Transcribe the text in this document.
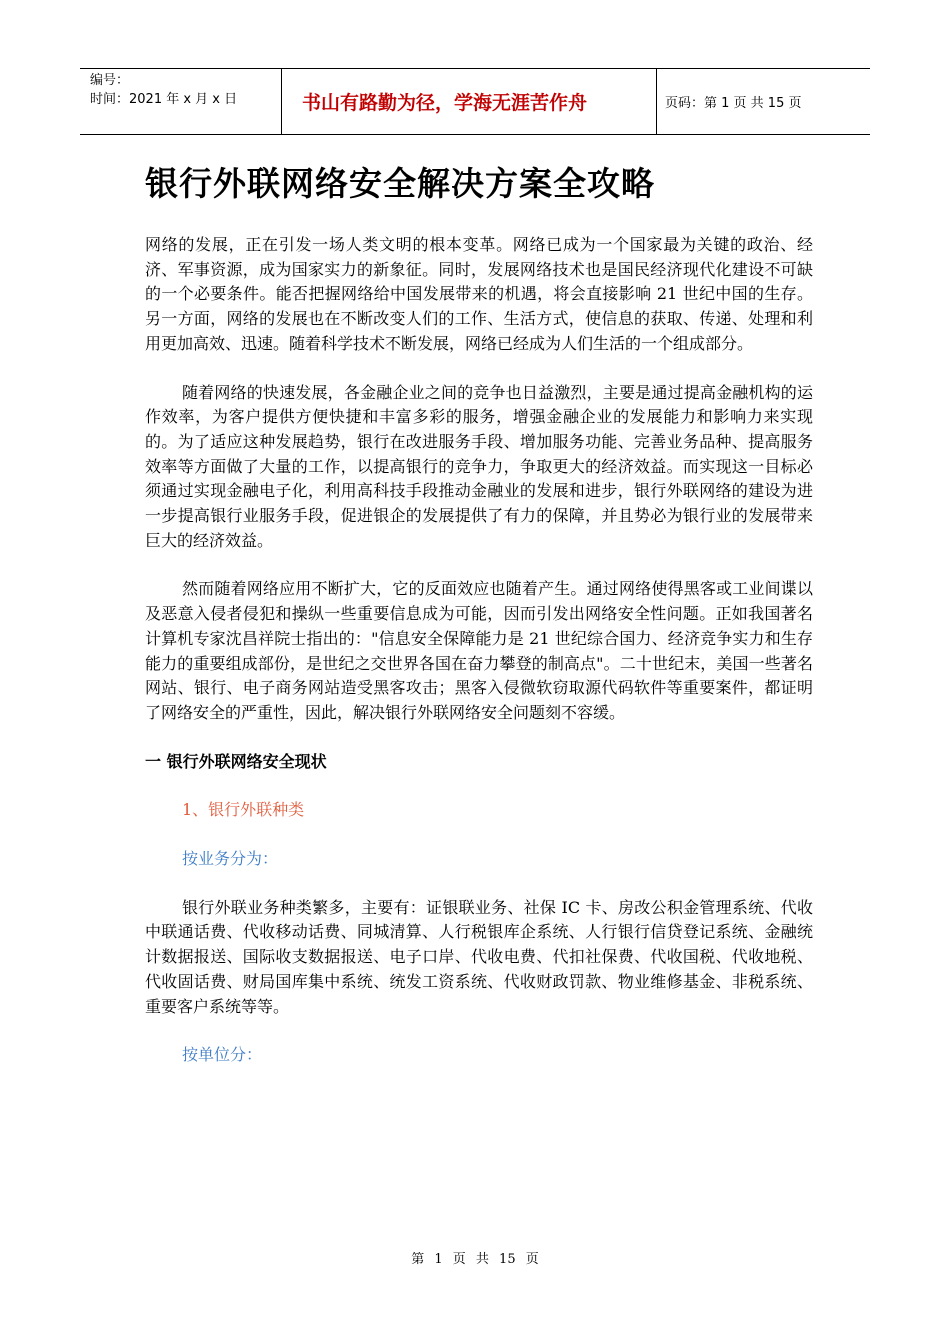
编号：
时间：2021 年 x 月 x 日	书山有路勤为径，学海无涯苦作舟	页码：第 1 页 共 15 页
银行外联网络安全解决方案全攻略

网络的发展，正在引发一场人类文明的根本变革。网络已成为一个国家最为关键的政治、经济、军事资源，成为国家实力的新象征。同时，发展网络技术也是国民经济现代化建设不可缺的一个必要条件。能否把握网络给中国发展带来的机遇，将会直接影响 21 世纪中国的生存。另一方面，网络的发展也在不断改变人们的工作、生活方式，使信息的获取、传递、处理和利用更加高效、迅速。随着科学技术不断发展，网络已经成为人们生活的一个组成部分。

随着网络的快速发展，各金融企业之间的竞争也日益激烈，主要是通过提高金融机构的运作效率，为客户提供方便快捷和丰富多彩的服务，增强金融企业的发展能力和影响力来实现的。为了适应这种发展趋势，银行在改进服务手段、增加服务功能、完善业务品种、提高服务效率等方面做了大量的工作，以提高银行的竞争力，争取更大的经济效益。而实现这一目标必须通过实现金融电子化，利用高科技手段推动金融业的发展和进步，银行外联网络的建设为进一步提高银行业服务手段，促进银企的发展提供了有力的保障，并且势必为银行业的发展带来巨大的经济效益。

然而随着网络应用不断扩大，它的反面效应也随着产生。通过网络使得黑客或工业间谍以及恶意入侵者侵犯和操纵一些重要信息成为可能，因而引发出网络安全性问题。正如我国著名计算机专家沈昌祥院士指出的："信息安全保障能力是 21 世纪综合国力、经济竞争实力和生存能力的重要组成部份，是世纪之交世界各国在奋力攀登的制高点"。二十世纪末，美国一些著名网站、银行、电子商务网站造受黑客攻击；黑客入侵微软窃取源代码软件等重要案件，都证明了网络安全的严重性，因此，解决银行外联网络安全问题刻不容缓。

一 银行外联网络安全现状

1、银行外联种类

按业务分为：

银行外联业务种类繁多，主要有：证银联业务、社保 IC 卡、房改公积金管理系统、代收中联通话费、代收移动话费、同城清算、人行税银库企系统、人行银行信贷登记系统、金融统计数据报送、国际收支数据报送、电子口岸、代收电费、代扣社保费、代收国税、代收地税、代收固话费、财局国库集中系统、统发工资系统、代收财政罚款、物业维修基金、非税系统、重要客户系统等等。

按单位分：

第 1 页 共 15 页
